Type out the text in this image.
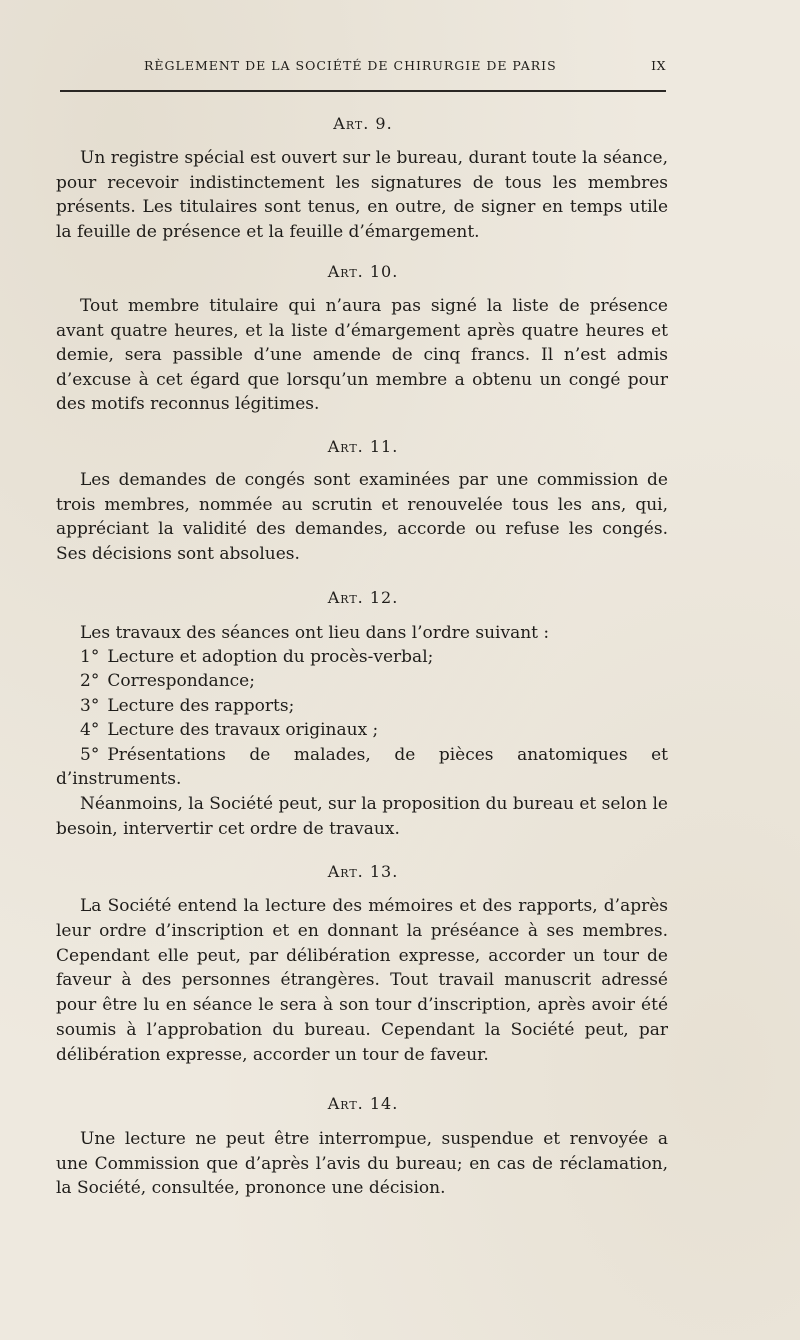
RÈGLEMENT DE LA SOCIÉTÉ DE CHIRURGIE DE PARIS	IX
Art. 9.
Un registre spécial est ouvert sur le bureau, durant toute la séance, pour recevoir indistinctement les signatures de tous les membres présents. Les titulaires sont tenus, en outre, de signer en temps utile la feuille de présence et la feuille d’émargement.
Art. 10.
Tout membre titulaire qui n’aura pas signé la liste de présence avant quatre heures, et la liste d’émargement après quatre heures et demie, sera passible d’une amende de cinq francs. Il n’est admis d’excuse à cet égard que lorsqu’un membre a obtenu un congé pour des motifs reconnus légitimes.
Art. 11.
Les demandes de congés sont examinées par une commission de trois membres, nommée au scrutin et renouvelée tous les ans, qui, appréciant la validité des demandes, accorde ou refuse les congés. Ses décisions sont absolues.
Art. 12.
Les travaux des séances ont lieu dans l’ordre suivant :
1° Lecture et adoption du procès-verbal;
2° Correspondance;
3° Lecture des rapports;
4° Lecture des travaux originaux ;
5° Présentations de malades, de pièces anatomiques et d’instruments.
Néanmoins, la Société peut, sur la proposition du bureau et selon le besoin, intervertir cet ordre de travaux.
Art. 13.
La Société entend la lecture des mémoires et des rapports, d’après leur ordre d’inscription et en donnant la préséance à ses membres. Cependant elle peut, par délibération expresse, accorder un tour de faveur à des personnes étrangères. Tout travail manuscrit adressé pour être lu en séance le sera à son tour d’inscription, après avoir été soumis à l’approbation du bureau. Cependant la Société peut, par délibération expresse, accorder un tour de faveur.
Art. 14.
Une lecture ne peut être interrompue, suspendue et renvoyée a une Commission que d’après l’avis du bureau; en cas de réclamation, la Société, consultée, prononce une décision.
